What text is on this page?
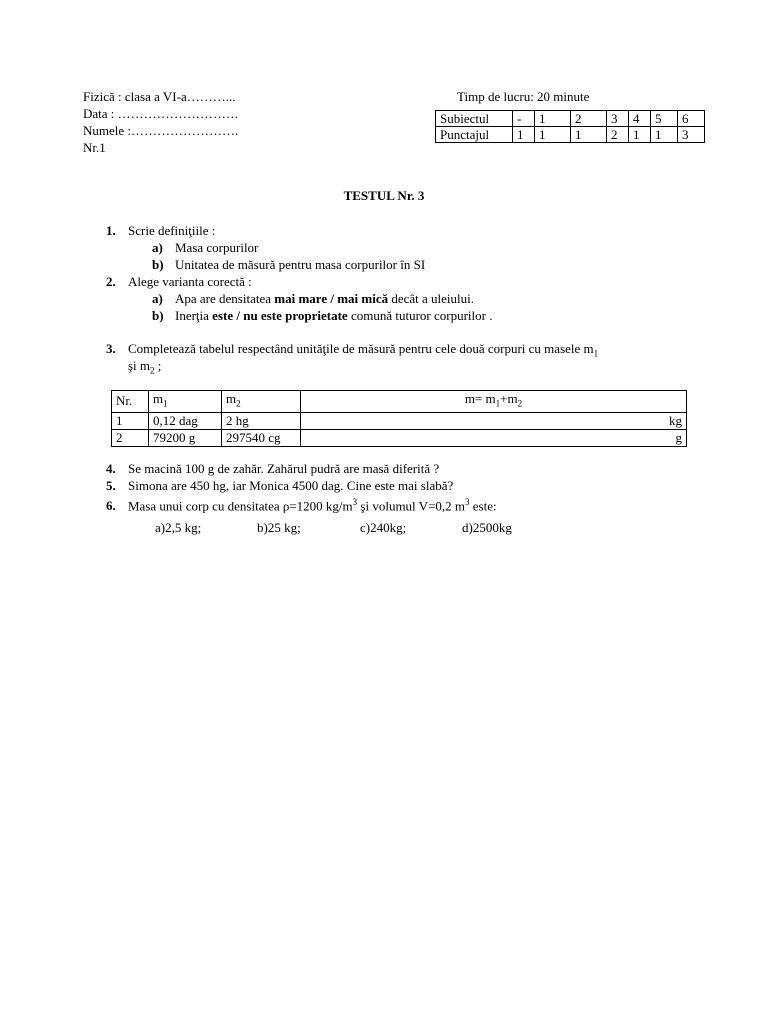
Fizică : clasa a VI-a………...
Data : ……………………….
Numele :…………………….
Nr.1
Timp de lucru: 20 minute
Subiectul	-	1	2	3	4	5	6
Punctajul	1	1	1	2	1	1	3
TESTUL Nr. 3
1. Scrie definiţiile :
a) Masa corpurilor
b) Unitatea de măsură pentru masa corpurilor în SI
2. Alege varianta corectă :
a) Apa are densitatea mai mare / mai mică decât a uleiului.
b) Inerţia este / nu este proprietate comună tuturor corpurilor .
3. Completează tabelul respectând unităţile de măsură pentru cele două corpuri cu masele $m_1$
şi $m_2$ ;
Nr.	$m_1$	$m_2$	$m= m_1+m_2$
1	0,12 dag	2 hg	kg
2	79200 g	297540 cg	g
4. Se macină 100 g de zahăr. Zahărul pudră are masă diferită ?
5. Simona are 450 hg, iar Monica 4500 dag. Cine este mai slabă?
6. Masa unui corp cu densitatea ρ=1200 $kg/m^3$ şi volumul V=0,2 $m^3$ este:
a)2,5 kg;	b)25 kg;	c)240kg;	d)2500kg
